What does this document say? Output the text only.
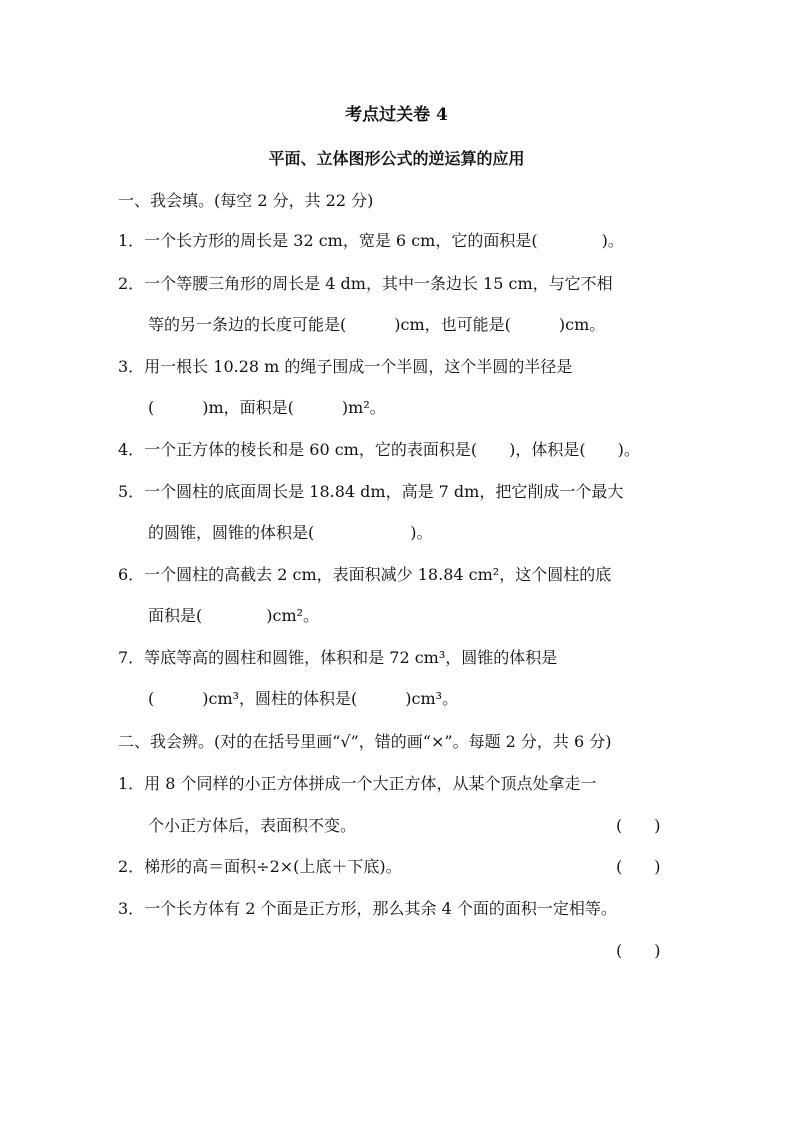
考点过关卷 4
平面、立体图形公式的逆运算的应用
一、我会填。(每空 2 分，共 22 分)
1．一个长方形的周长是 32 cm，宽是 6 cm，它的面积是(　　　　)。
2．一个等腰三角形的周长是 4 dm，其中一条边长 15 cm，与它不相
等的另一条边的长度可能是(　　　)cm，也可能是(　　　)cm。
3．用一根长 10.28 m 的绳子围成一个半圆，这个半圆的半径是
(　　　)m，面积是(　　　)m²。
4．一个正方体的棱长和是 60 cm，它的表面积是(　　)，体积是(　　)。
5．一个圆柱的底面周长是 18.84 dm，高是 7 dm，把它削成一个最大
的圆锥，圆锥的体积是(　　　　　　)。
6．一个圆柱的高截去 2 cm，表面积减少 18.84 cm²，这个圆柱的底
面积是(　　　　)cm²。
7．等底等高的圆柱和圆锥，体积和是 72 cm³，圆锥的体积是
(　　　)cm³，圆柱的体积是(　　　)cm³。
二、我会辨。(对的在括号里画“√”，错的画“×”。每题 2 分，共 6 分)
1．用 8 个同样的小正方体拼成一个大正方体，从某个顶点处拿走一
个小正方体后，表面积不变。	(　　)
2．梯形的高＝面积÷2×(上底＋下底)。	(　　)
3．一个长方体有 2 个面是正方形，那么其余 4 个面的面积一定相等。
(　　)
